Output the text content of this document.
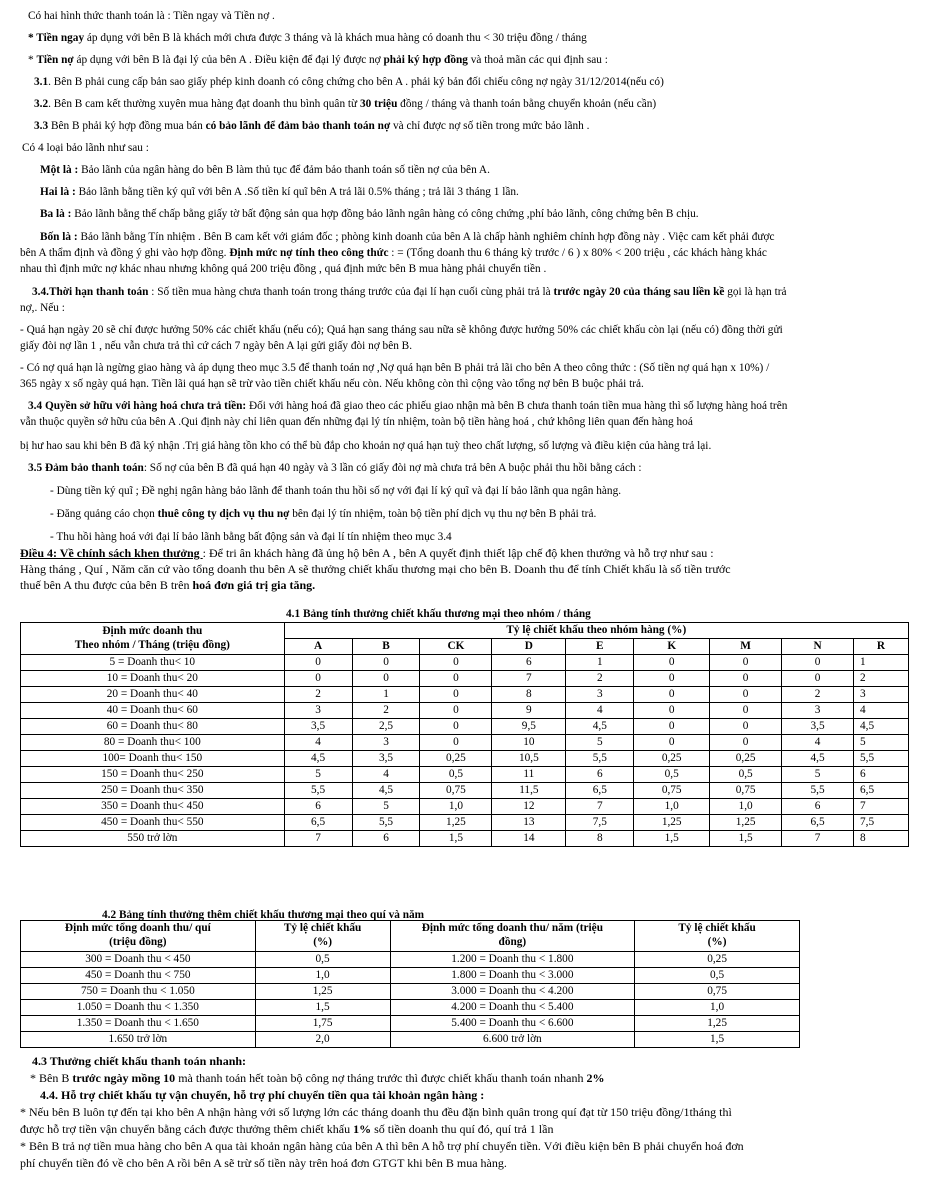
Có hai hình thức thanh toán là : Tiền ngay và Tiền nợ .

* Tiền ngay áp dụng với bên B là khách mới chưa được 3 tháng và là khách mua hàng có doanh thu < 30 triệu đồng / tháng

* Tiền nợ áp dụng với bên B là đại lý của bên A . Điều kiện để đại lý được nợ phải ký hợp đồng và thoả mãn các qui định sau :

3.1. Bên B phải cung cấp bản sao giấy phép kinh doanh có công chứng cho bên A . phải ký bản đối chiếu công nợ ngày 31/12/2014(nếu có)

3.2. Bên B cam kết thường xuyên mua hàng đạt doanh thu bình quân từ 30 triệu đồng / tháng và thanh toán bằng chuyển khoản (nếu cần)

3.3 Bên B phải ký hợp đồng mua bán có bảo lãnh để đảm bảo thanh toán nợ và chỉ được nợ số tiền trong mức bảo lãnh .

Có 4 loại bảo lãnh như sau :

Một là : Bảo lãnh của ngân hàng do bên B làm thủ tục để đảm bảo thanh toán số tiền nợ của bên A.

Hai là : Bảo lãnh bằng tiền ký quĩ với bên A .Số tiền kí quĩ bên A trả lãi 0.5% tháng ; trả lãi 3 tháng 1 lần.

Ba là : Bảo lãnh bằng thế chấp bằng giấy tờ bất động sản qua hợp đồng bảo lãnh ngân hàng có công chứng ,phí bảo lãnh, công chứng bên B chịu.

Bốn là : Bảo lãnh bằng Tín nhiệm . Bên B cam kết với giám đốc ; phòng kinh doanh của bên A là chấp hành nghiêm chỉnh hợp đồng này . Việc cam kết phải được

bên A thẩm định và đồng ý ghi vào hợp đồng. Định mức nợ tính theo công thức : = (Tổng doanh thu 6 tháng kỳ trước / 6 ) x 80% < 200 triệu , các khách hàng khác

nhau thì định mức nợ khác nhau nhưng không quá 200 triệu đồng , quá định mức bên B mua hàng phải chuyển tiền .

3.4.Thời hạn thanh toán : Số tiền mua hàng chưa thanh toán trong tháng trước của đại lí hạn cuối cùng phải trả là trước ngày 20 của tháng sau liền kề gọi là hạn trả

nợ,. Nếu :

- Quá hạn ngày 20 sẽ chỉ được hưởng 50% các chiết khấu (nếu có); Quá hạn sang tháng sau nữa sẽ không được hưởng 50% các chiết khấu còn lại (nếu có) đồng thời gửi

giấy đòi nợ lần 1 , nếu vẫn chưa trả thì cứ cách 7 ngày bên A lại gửi giấy đòi nợ bên B.

- Có nợ quá hạn là ngừng giao hàng và áp dụng theo mục 3.5 để thanh toán nợ ,Nợ quá hạn bên B phải trả lãi cho bên A theo công thức : (Số tiền nợ quá hạn x 10%) /

365 ngày x số ngày quá hạn. Tiền lãi quá hạn sẽ trừ vào tiền chiết khấu nếu còn. Nếu không còn thì cộng vào tổng nợ bên B buộc phải trả.

3.4 Quyền sở hữu với hàng hoá chưa trả tiền: Đối với hàng hoá đã giao theo các phiếu giao nhận mà bên B chưa thanh toán tiền mua hàng thì số lượng hàng hoá trên

vẫn thuộc quyền sở hữu của bên A .Qui định này chỉ liên quan đến những đại lý tín nhiệm, toàn bộ tiền hàng hoá , chứ không liên quan đến hàng hoá

bị hư hao sau khi bên B đã ký nhận .Trị giá hàng tồn kho có thể bù đắp cho khoản nợ quá hạn tuỳ theo chất lượng, số lượng và điều kiện của hàng trả lại.

3.5 Đảm bảo thanh toán: Số nợ của bên B đã quá hạn 40 ngày và 3 lần có giấy đòi nợ mà chưa trả bên A buộc phải thu hồi bằng cách :

- Dùng tiền ký quĩ ; Đề nghị ngân hàng bảo lãnh để thanh toán thu hồi số nợ với đại lí ký quĩ và đại lí bảo lãnh qua ngân hàng.

- Đăng quảng cáo chọn thuê công ty dịch vụ thu nợ bên đại lý tín nhiệm, toàn bộ tiền phí dịch vụ thu nợ bên B phải trả.

- Thu hồi hàng hoá với đại lí bảo lãnh bằng bất động sản và đại lí tín nhiệm theo mục 3.4

Điều 4: Về chính sách khen thưởng : Để tri ân khách hàng đã ủng hộ bên A , bên A quyết định thiết lập chế độ khen thưởng và hỗ trợ như sau :

Hàng tháng , Quí , Năm căn cứ vào tổng doanh thu bên A sẽ thưởng chiết khấu thương mại cho bên B. Doanh thu để tính Chiết khấu là số tiền trước

thuế bên A thu được của bên B trên hoá đơn giá trị gia tăng.

4.1 Bảng tính thưởng chiết khấu thương mại theo nhóm / tháng

Định mức doanh thu
Theo nhóm / Tháng (triệu đồng)	Tỷ lệ chiết khấu theo nhóm hàng (%)								
	A	B	CK	D	E	K	M	N	R
5 = Doanh thu< 10	0	0	0	6	1	0	0	0	1
10 = Doanh thu< 20	0	0	0	7	2	0	0	0	2
20 = Doanh thu< 40	2	1	0	8	3	0	0	2	3
40 = Doanh thu< 60	3	2	0	9	4	0	0	3	4
60 = Doanh thu< 80	3,5	2,5	0	9,5	4,5	0	0	3,5	4,5
80 = Doanh thu< 100	4	3	0	10	5	0	0	4	5
100= Doanh thu< 150	4,5	3,5	0,25	10,5	5,5	0,25	0,25	4,5	5,5
150 = Doanh thu< 250	5	4	0,5	11	6	0,5	0,5	5	6
250 = Doanh thu< 350	5,5	4,5	0,75	11,5	6,5	0,75	0,75	5,5	6,5
350 = Doanh thu< 450	6	5	1,0	12	7	1,0	1,0	6	7
450 = Doanh thu< 550	6,5	5,5	1,25	13	7,5	1,25	1,25	6,5	7,5
550 trở lờn	7	6	1,5	14	8	1,5	1,5	7	8

4.2 Bảng tính thưởng thêm chiết khấu thương mại theo quí và năm

Định mức tổng doanh thu/ quí
(triệu đồng)	Tỷ lệ chiết khấu
(%)	Định mức tổng doanh thu/ năm (triệu
đồng)	Tỷ lệ chiết khấu
(%)
300 = Doanh thu < 450	0,5	1.200 = Doanh thu < 1.800	0,25
450 = Doanh thu < 750	1,0	1.800 = Doanh thu < 3.000	0,5
750 = Doanh thu < 1.050	1,25	3.000 = Doanh thu < 4.200	0,75
1.050 = Doanh thu < 1.350	1,5	4.200 = Doanh thu < 5.400	1,0
1.350 = Doanh thu < 1.650	1,75	5.400 = Doanh thu < 6.600	1,25
1.650 trở lờn	2,0	6.600 trở lờn	1,5

4.3 Thưởng chiết khấu thanh toán nhanh:

* Bên B trước ngày mồng 10 mà thanh toán hết toàn bộ công nợ tháng trước thì được chiết khấu thanh toán nhanh 2%

4.4. Hỗ trợ chiết khấu tự vận chuyển, hỗ trợ phí chuyển tiền qua tài khoản ngân hàng :

* Nếu bên B luôn tự đến tại kho bên A nhận hàng với số lượng lớn các tháng doanh thu đều đặn bình quân trong quí đạt từ 150 triệu đồng/1tháng thì

được hỗ trợ tiền vận chuyển bằng cách được thưởng thêm chiết khấu 1% số tiền doanh thu quí đó, quí trả 1 lần

* Bên B trả nợ tiền mua hàng cho bên A qua tài khoản ngân hàng của bên A thì bên A hỗ trợ phí chuyển tiền. Với điều kiện bên B phải chuyển hoá đơn

phí chuyển tiền đó về cho bên A rồi bên A sẽ trừ số tiền này trên hoá đơn GTGT khi bên B mua hàng.
